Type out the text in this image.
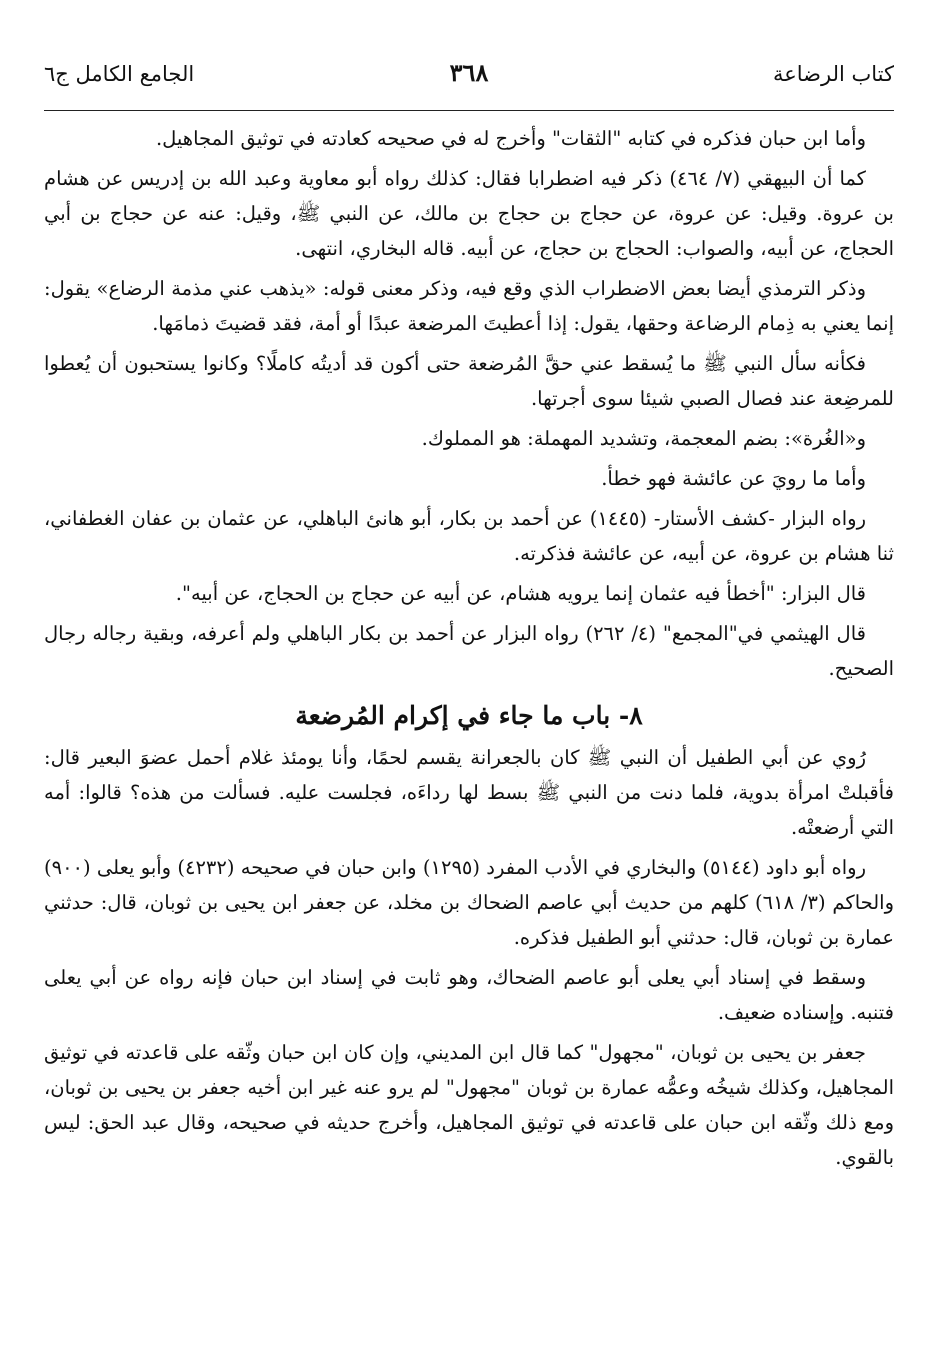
كتاب الرضاعة
٣٦٨
الجامع الكامل ج٦

وأما ابن حبان فذكره في كتابه "الثقات" وأخرج له في صحيحه كعادته في توثيق المجاهيل.

كما أن البيهقي (٧/ ٤٦٤) ذكر فيه اضطرابا فقال: كذلك رواه أبو معاوية وعبد الله بن إدريس عن هشام بن عروة. وقيل: عن عروة، عن حجاج بن حجاج بن مالك، عن النبي ﷺ، وقيل: عنه عن حجاج بن أبي الحجاج، عن أبيه، والصواب: الحجاج بن حجاج، عن أبيه. قاله البخاري، انتهى.

وذكر الترمذي أيضا بعض الاضطراب الذي وقع فيه، وذكر معنى قوله: «يذهب عني مذمة الرضاع» يقول: إنما يعني به ذِمام الرضاعة وحقها، يقول: إذا أعطيتَ المرضعة عبدًا أو أمة، فقد قضيتَ ذمامَها.

فكأنه سأل النبي ﷺ ما يُسقط عني حقَّ المُرضعة حتى أكون قد أديتُه كاملًا؟ وكانوا يستحبون أن يُعطوا للمرضِعة عند فصال الصبي شيئا سوى أجرتها.

و«الغُرة»: بضم المعجمة، وتشديد المهملة: هو المملوك.

وأما ما رويَ عن عائشة فهو خطأ.

رواه البزار -كشف الأستار- (١٤٤٥) عن أحمد بن بكار، أبو هانئ الباهلي، عن عثمان بن عفان الغطفاني، ثنا هشام بن عروة، عن أبيه، عن عائشة فذكرته.

قال البزار: "أخطأ فيه عثمان إنما يرويه هشام، عن أبيه عن حجاج بن الحجاج، عن أبيه".

قال الهيثمي في"المجمع" (٤/ ٢٦٢) رواه البزار عن أحمد بن بكار الباهلي ولم أعرفه، وبقية رجاله رجال الصحيح.

٨- باب ما جاء في إكرام المُرضعة

رُوي عن أبي الطفيل أن النبي ﷺ كان بالجعرانة يقسم لحمًا، وأنا يومئذ غلام أحمل عضوَ البعير قال: فأقبلتْ امرأة بدوية، فلما دنت من النبي ﷺ بسط لها رداءَه، فجلست عليه. فسألت من هذه؟ قالوا: أمه التي أرضعتْه.

رواه أبو داود (٥١٤٤) والبخاري في الأدب المفرد (١٢٩٥) وابن حبان في صحيحه (٤٢٣٢) وأبو يعلى (٩٠٠) والحاكم (٣/ ٦١٨) كلهم من حديث أبي عاصم الضحاك بن مخلد، عن جعفر ابن يحيى بن ثوبان، قال: حدثني عمارة بن ثوبان، قال: حدثني أبو الطفيل فذكره.

وسقط في إسناد أبي يعلى أبو عاصم الضحاك، وهو ثابت في إسناد ابن حبان فإنه رواه عن أبي يعلى فتنبه. وإسناده ضعيف.

جعفر بن يحيى بن ثوبان، "مجهول" كما قال ابن المديني، وإن كان ابن حبان وثّقه على قاعدته في توثيق المجاهيل، وكذلك شيخُه وعمُّه عمارة بن ثوبان "مجهول" لم يرو عنه غير ابن أخيه جعفر بن يحيى بن ثوبان، ومع ذلك وثّقه ابن حبان على قاعدته في توثيق المجاهيل، وأخرج حديثه في صحيحه، وقال عبد الحق: ليس بالقوي.
